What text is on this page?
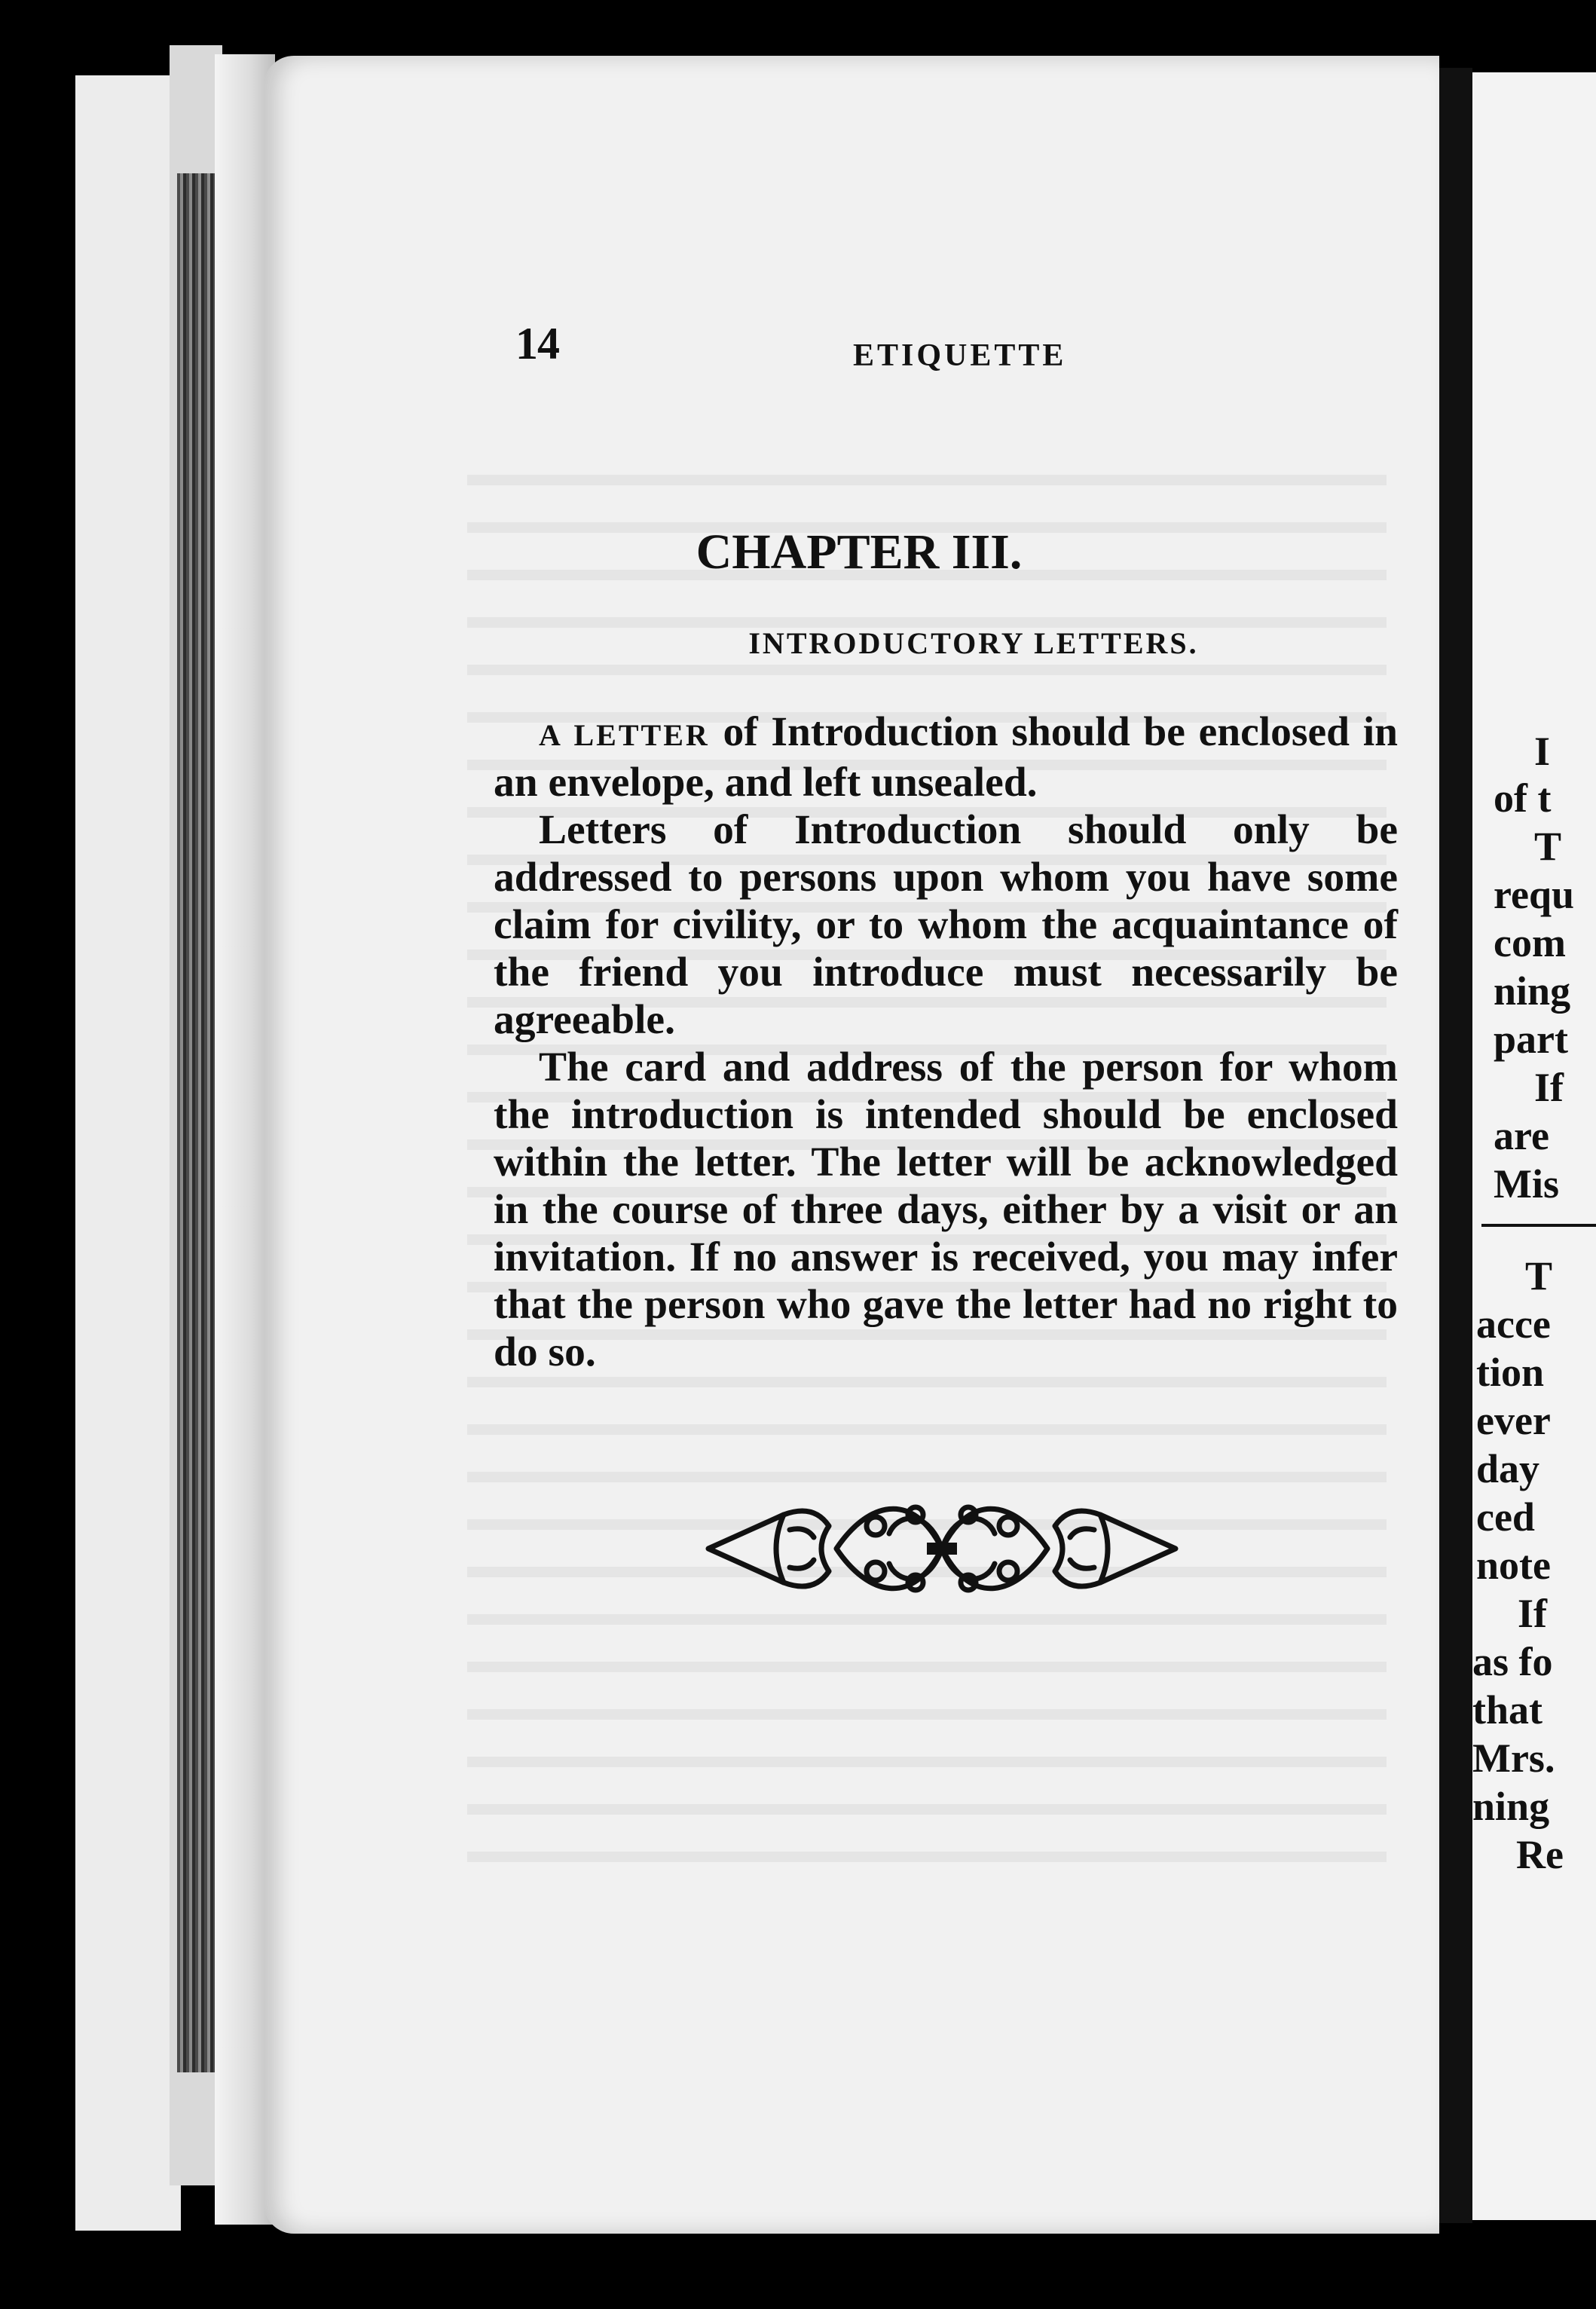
14	ETIQUETTE
CHAPTER III.
INTRODUCTORY LETTERS.

A LETTER of Introduction should be enclosed in an envelope, and left unsealed.

Letters of Introduction should only be addressed to persons upon whom you have some claim for civility, or to whom the acquaintance of the friend you introduce must necessarily be agreeable.

The card and address of the person for whom the introduction is intended should be enclosed within the letter. The letter will be acknowledged in the course of three days, either by a visit or an invitation. If no answer is received, you may infer that the person who gave the letter had no right to do so.

I
of t
T
requ
com
ning
part
If
are
Mis
T
acce
tion
ever
day
ced
note
If
as fo
that
Mrs.
ning
Re
